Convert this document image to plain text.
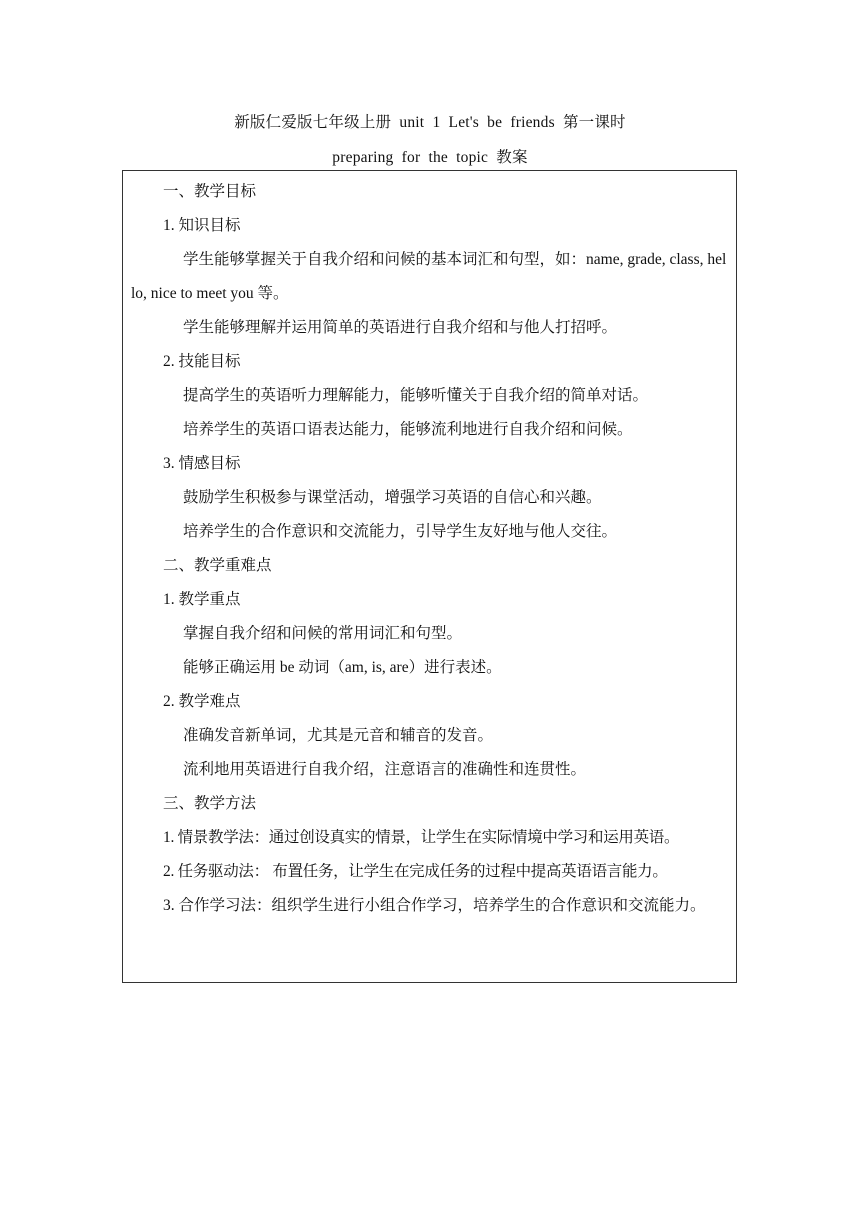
新版仁爱版七年级上册  unit  1  Let's  be  friends  第一课时
preparing  for  the  topic  教案
一、教学目标
1. 知识目标
学生能够掌握关于自我介绍和问候的基本词汇和句型，如：name, grade, class, hello, nice to meet you 等。
学生能够理解并运用简单的英语进行自我介绍和与他人打招呼。
2. 技能目标
提高学生的英语听力理解能力，能够听懂关于自我介绍的简单对话。
培养学生的英语口语表达能力，能够流利地进行自我介绍和问候。
3. 情感目标
鼓励学生积极参与课堂活动，增强学习英语的自信心和兴趣。
培养学生的合作意识和交流能力，引导学生友好地与他人交往。
二、教学重难点
1. 教学重点
掌握自我介绍和问候的常用词汇和句型。
能够正确运用 be 动词（am, is, are）进行表述。
2. 教学难点
准确发音新单词，尤其是元音和辅音的发音。
流利地用英语进行自我介绍，注意语言的准确性和连贯性。
三、教学方法
1. 情景教学法：通过创设真实的情景，让学生在实际情境中学习和运用英语。
2. 任务驱动法： 布置任务，让学生在完成任务的过程中提高英语语言能力。
3. 合作学习法：组织学生进行小组合作学习，培养学生的合作意识和交流能力。
